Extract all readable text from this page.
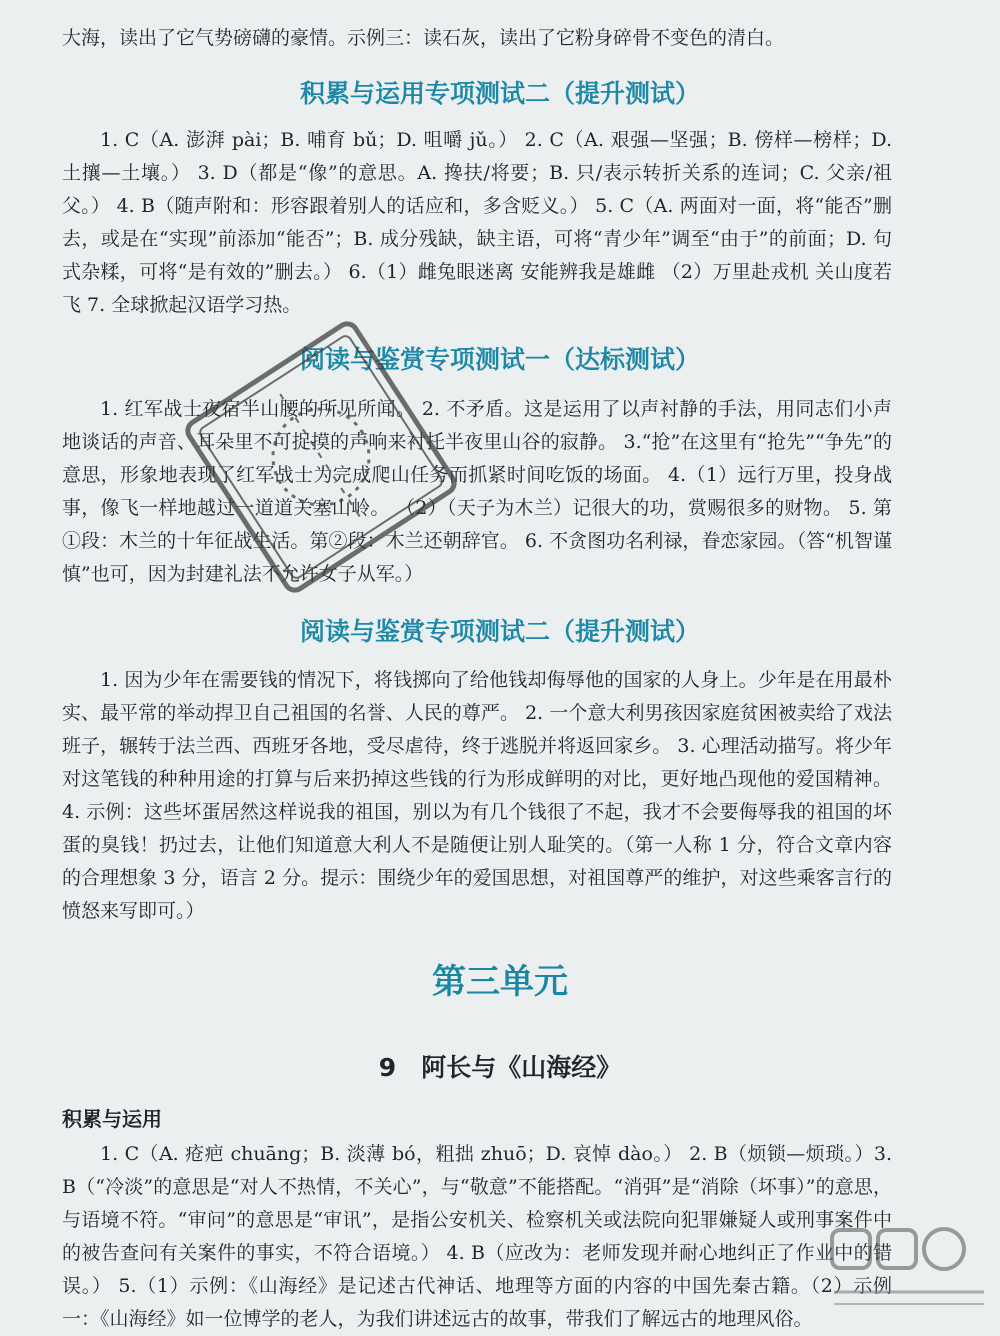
大海，读出了它气势磅礴的豪情。示例三：读石灰，读出了它粉身碎骨不变色的清白。

积累与运用专项测试二（提升测试）

1. C（A. 澎湃 pài；B. 哺育 bǔ；D. 咀嚼 jǔ。） 2. C（A. 艰强—坚强；B. 傍样—榜样；D. 土攘—土壤。） 3. D（都是“像”的意思。A. 搀扶/将要；B. 只/表示转折关系的连词；C. 父亲/祖父。） 4. B（随声附和：形容跟着别人的话应和，多含贬义。） 5. C（A. 两面对一面，将“能否”删去，或是在“实现”前添加“能否”；B. 成分残缺，缺主语，可将“青少年”调至“由于”的前面；D. 句式杂糅，可将“是有效的”删去。） 6.（1）雌兔眼迷离 安能辨我是雄雌 （2）万里赴戎机 关山度若飞 7. 全球掀起汉语学习热。

阅读与鉴赏专项测试一（达标测试）

1. 红军战士夜宿半山腰的所见所闻。 2. 不矛盾。这是运用了以声衬静的手法，用同志们小声地谈话的声音、耳朵里不可捉摸的声响来衬托半夜里山谷的寂静。 3.“抢”在这里有“抢先”“争先”的意思，形象地表现了红军战士为完成爬山任务而抓紧时间吃饭的场面。 4.（1）远行万里，投身战事，像飞一样地越过一道道关塞山岭。 （2）（天子为木兰）记很大的功，赏赐很多的财物。 5. 第①段：木兰的十年征战生活。第②段：木兰还朝辞官。 6. 不贪图功名利禄，眷恋家园。（答“机智谨慎”也可，因为封建礼法不允许女子从军。）

阅读与鉴赏专项测试二（提升测试）

1. 因为少年在需要钱的情况下，将钱掷向了给他钱却侮辱他的国家的人身上。少年是在用最朴实、最平常的举动捍卫自己祖国的名誉、人民的尊严。 2. 一个意大利男孩因家庭贫困被卖给了戏法班子，辗转于法兰西、西班牙各地，受尽虐待，终于逃脱并将返回家乡。 3. 心理活动描写。将少年对这笔钱的种种用途的打算与后来扔掉这些钱的行为形成鲜明的对比，更好地凸现他的爱国精神。 4. 示例：这些坏蛋居然这样说我的祖国，别以为有几个钱很了不起，我才不会要侮辱我的祖国的坏蛋的臭钱！扔过去，让他们知道意大利人不是随便让别人耻笑的。（第一人称 1 分，符合文章内容的合理想象 3 分，语言 2 分。提示：围绕少年的爱国思想，对祖国尊严的维护，对这些乘客言行的愤怒来写即可。）

第三单元
9　阿长与《山海经》
积累与运用

1. C（A. 疮疤 chuāng；B. 淡薄 bó，粗拙 zhuō；D. 哀悼 dào。） 2. B（烦锁—烦琐。）3. B（“冷淡”的意思是“对人不热情，不关心”，与“敬意”不能搭配。“消弭”是“消除（坏事）”的意思，与语境不符。“审问”的意思是“审讯”，是指公安机关、检察机关或法院向犯罪嫌疑人或刑事案件中的被告查问有关案件的事实，不符合语境。） 4. B（应改为：老师发现并耐心地纠正了作业中的错误。） 5.（1）示例：《山海经》是记述古代神话、地理等方面的内容的中国先秦古籍。（2）示例一：《山海经》如一位博学的老人，为我们讲述远古的故事，带我们了解远古的地理风俗。
